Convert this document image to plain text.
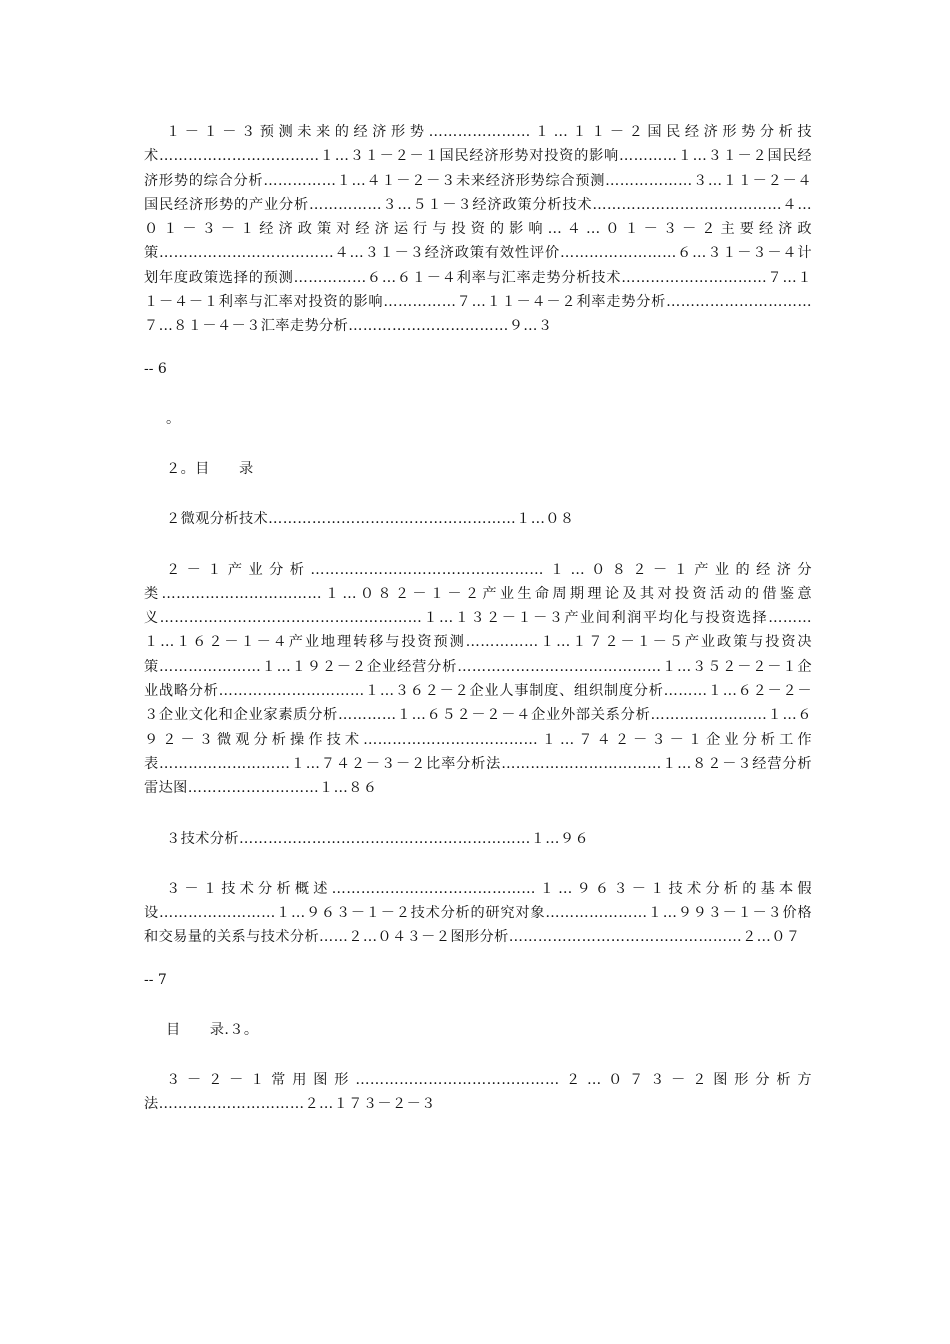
１－１－３预测未来的经济形势…………………１…１１－２国民经济形势分析技术……………………………１…３１－２－１国民经济形势对投资的影响…………１…３１－２国民经济形势的综合分析……………１…４１－２－３未来经济形势综合预测………………３…１１－２－４国民经济形势的产业分析……………３…５１－３经济政策分析技术…………………………………４…０１－３－１经济政策对经济运行与投资的影响…４…０１－３－２主要经济政策………………………………４…３１－３经济政策有效性评价……………………６…３１－３－４计划年度政策选择的预测……………６…６１－４利率与汇率走势分析技术…………………………７…１１－４－１利率与汇率对投资的影响……………７…１１－４－２利率走势分析…………………………７…８１－４－３汇率走势分析……………………………９…３

-- 6

。

２。目　　录

２微观分析技术……………………………………………１…０８

２－１产业分析…………………………………………１…０８２－１产业的经济分类……………………………１…０８２－１－２产业生命周期理论及其对投资活动的借鉴意义………………………………………………１…１３２－１－３产业间利润平均化与投资选择………１…１６２－１－４产业地理转移与投资预测……………１…１７２－１－５产业政策与投资决策…………………１…１９２－２企业经营分析……………………………………１…３５２－２－１企业战略分析…………………………１…３６２－２企业人事制度、组织制度分析………１…６２－２－３企业文化和企业家素质分析…………１…６５２－２－４企业外部关系分析……………………１…６９２－３微观分析操作技术………………………………１…７４２－３－１企业分析工作表………………………１…７４２－３－２比率分析法……………………………１…８２－３经营分析雷达图………………………１…８６

３技术分析……………………………………………………１…９６

３－１技术分析概述……………………………………１…９６３－１技术分析的基本假设……………………１…９６３－１－２技术分析的研究对象…………………１…９９３－１－３价格和交易量的关系与技术分析……２…０４３－２图形分析…………………………………………２…０７

-- 7

目　　录.３。

３－２－１常用图形……………………………………２…０７３－２图形分析方法…………………………２…１７３－２－３
